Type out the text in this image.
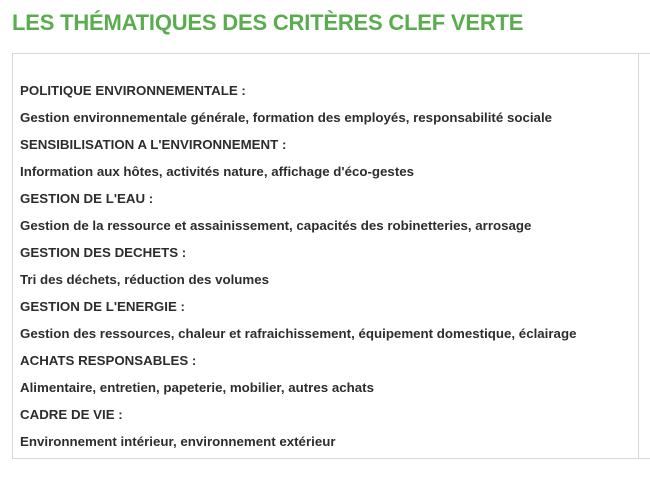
LES THÉMATIQUES DES CRITÈRES CLEF VERTE
POLITIQUE ENVIRONNEMENTALE :
Gestion environnementale générale, formation des employés, responsabilité sociale
SENSIBILISATION A L'ENVIRONNEMENT :
Information aux hôtes, activités nature, affichage d'éco-gestes
GESTION DE L'EAU :
Gestion de la ressource et assainissement, capacités des robinetteries, arrosage
GESTION DES DECHETS :
Tri des déchets, réduction des volumes
GESTION DE L'ENERGIE :
Gestion des ressources, chaleur et rafraichissement, équipement domestique, éclairage
ACHATS RESPONSABLES :
Alimentaire, entretien, papeterie, mobilier, autres achats
CADRE DE VIE :
Environnement intérieur, environnement extérieur
